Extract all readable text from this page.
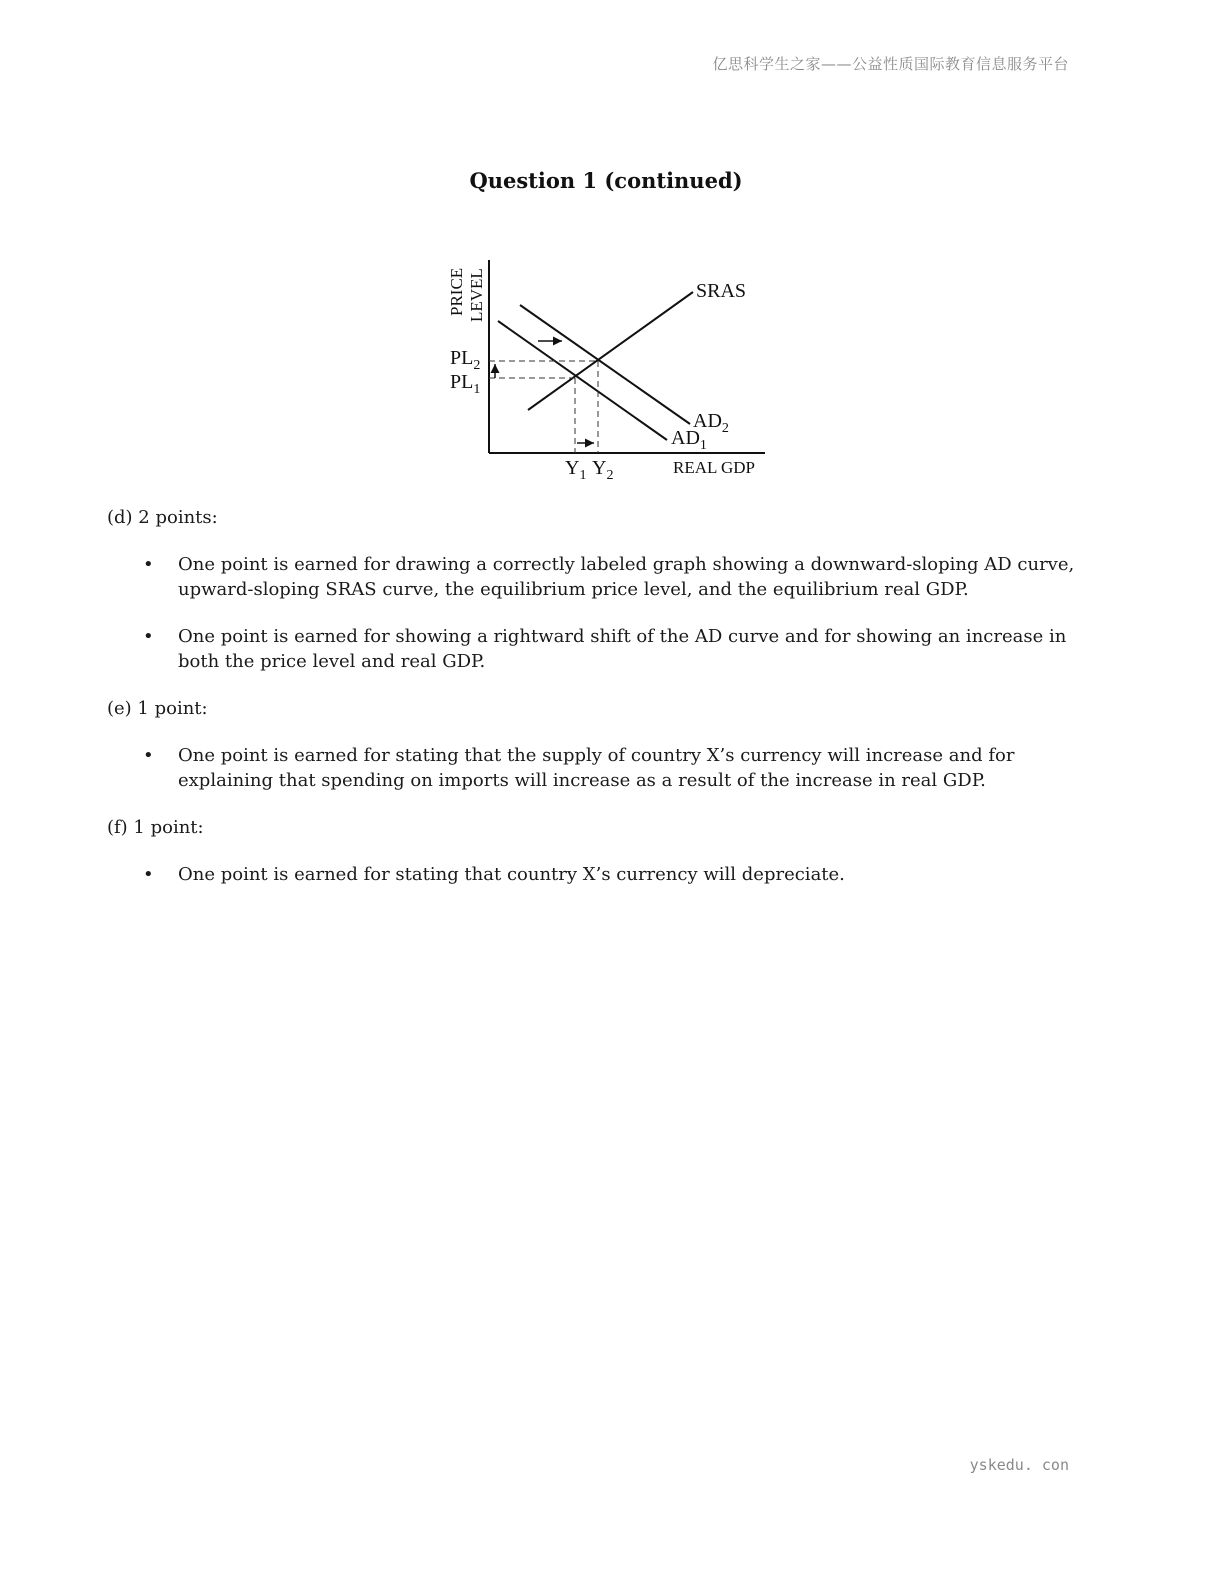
亿思科学生之家——公益性质国际教育信息服务平台
Question 1 (continued)
PRICE LEVEL	SRAS
$AD_2$
$AD_1$
$PL_2$
$PL_1$
$Y_1$ $Y_2$	REAL GDP

(d) 2 points:

• One point is earned for drawing a correctly labeled graph showing a downward-sloping AD curve, upward-sloping SRAS curve, the equilibrium price level, and the equilibrium real GDP.
• One point is earned for showing a rightward shift of the AD curve and for showing an increase in both the price level and real GDP.

(e) 1 point:

• One point is earned for stating that the supply of country X’s currency will increase and for explaining that spending on imports will increase as a result of the increase in real GDP.

(f) 1 point:

• One point is earned for stating that country X’s currency will depreciate.
yskedu. con
